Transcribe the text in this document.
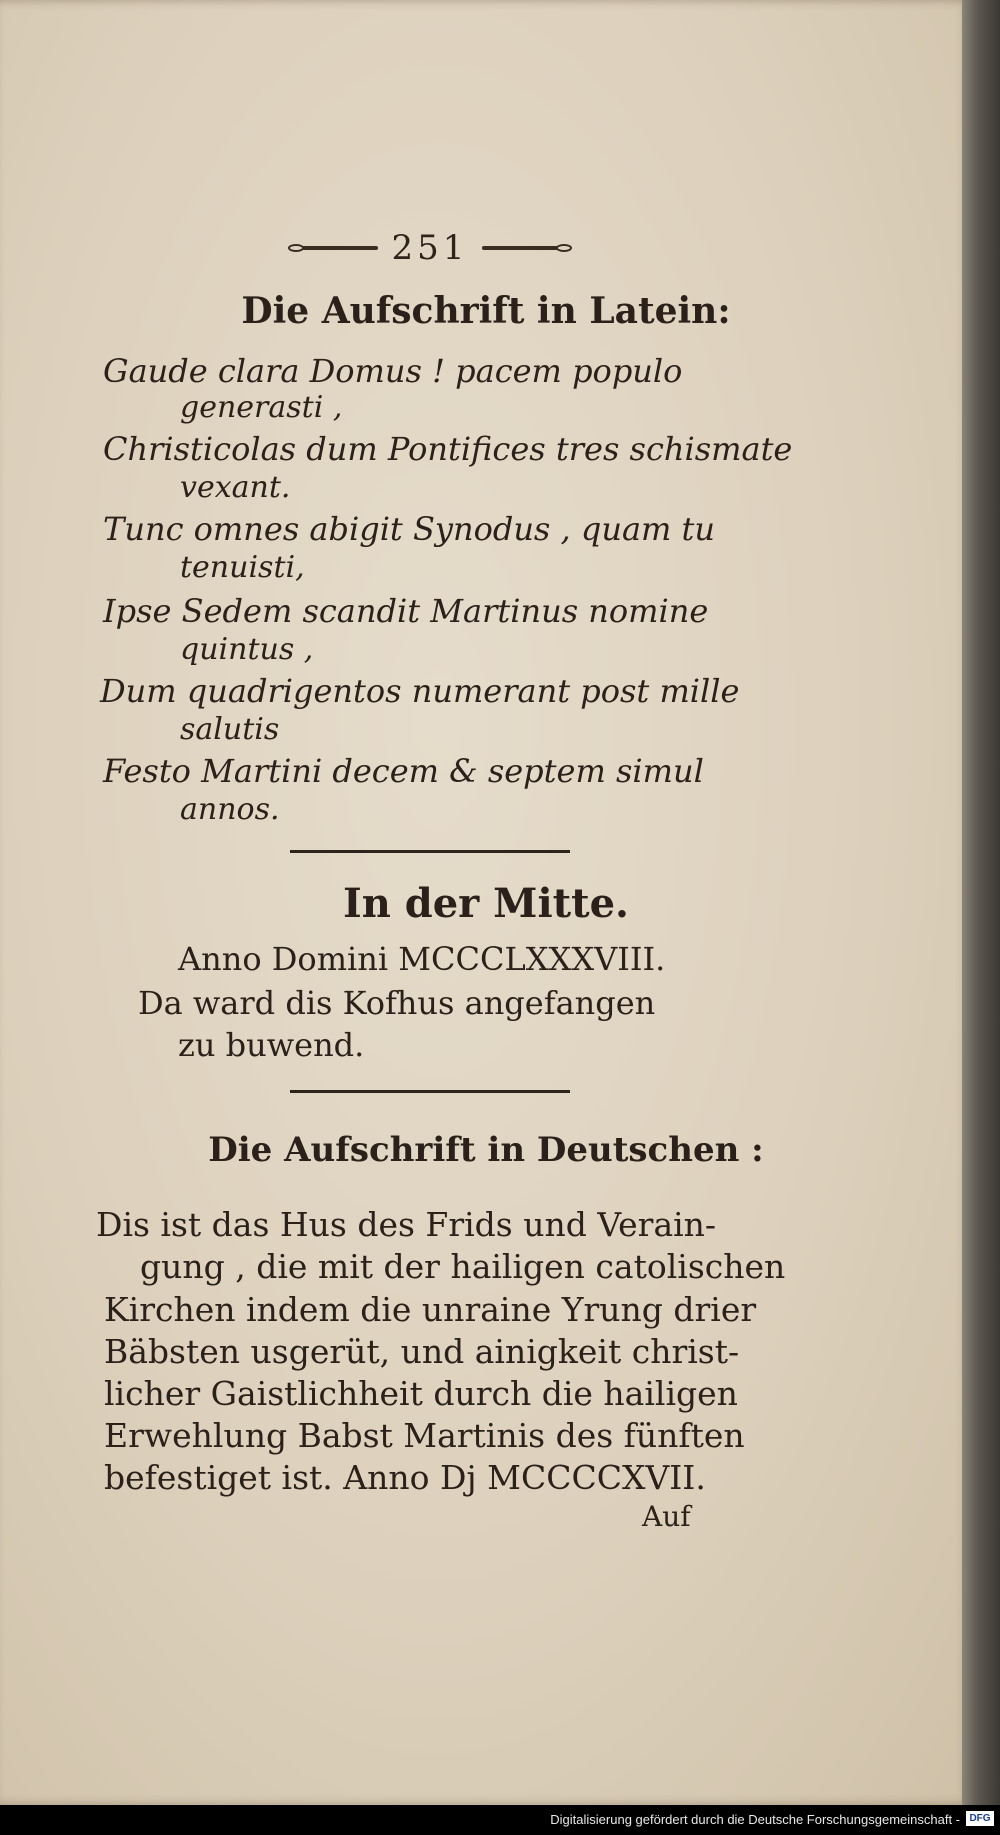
251
Die Aufschrift in Latein:
Gaude clara Domus ! pacem populo
generasti ,
Christicolas dum Pontifices tres schismate
vexant.
Tunc omnes abigit Synodus , quam tu
tenuisti,
Ipse Sedem scandit Martinus nomine
quintus ,
Dum quadrigentos numerant post mille
salutis
Festo Martini decem & septem simul
annos.
In der Mitte.
Anno Domini MCCCLXXXVIII.
Da ward dis Kofhus angefangen
zu buwend.
Die Aufschrift in Deutschen :
Dis ist das Hus des Frids und Verain-
gung , die mit der hailigen catolischen
Kirchen indem die unraine Yrung drier
Bäbsten usgerüt, und ainigkeit christ-
licher Gaistlichheit durch die hailigen
Erwehlung Babst Martinis des fünften
befestiget ist. Anno Dj MCCCCXVII.
Auf
Digitalisierung gefördert durch die Deutsche Forschungsgemeinschaft - DFG
